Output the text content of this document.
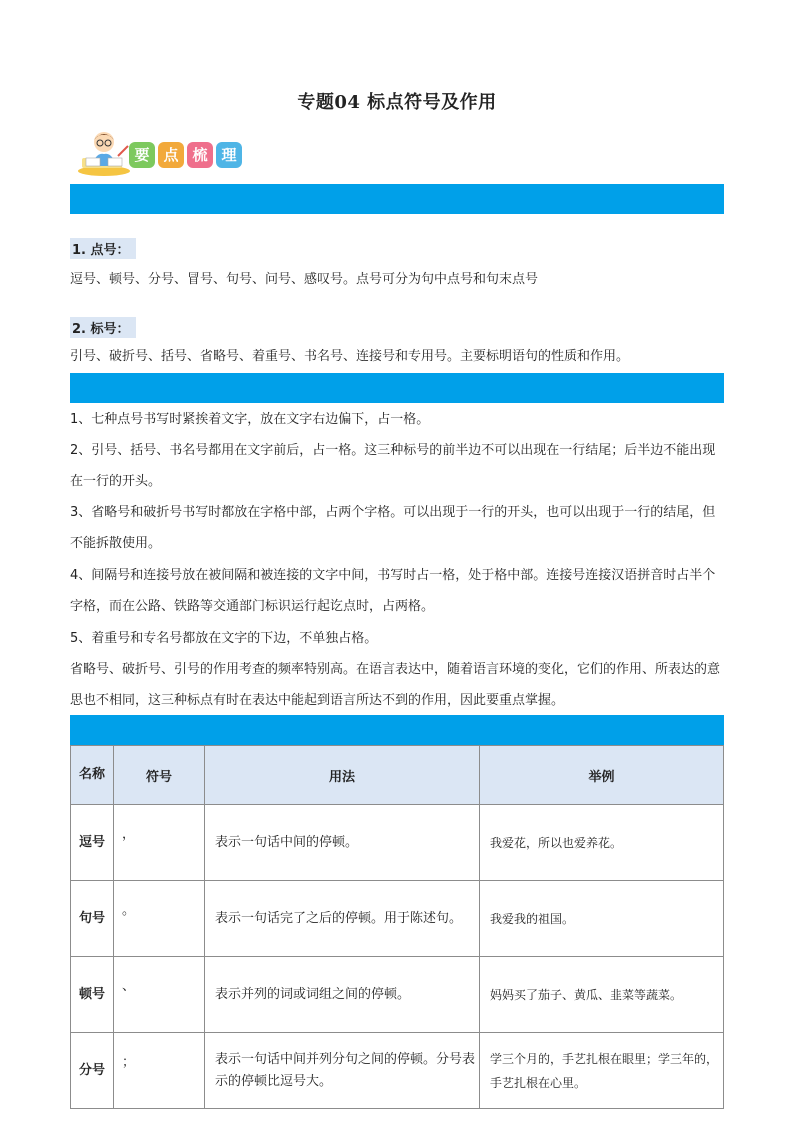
专题04 标点符号及作用
要 点 梳 理
1. 点号：
逗号、顿号、分号、冒号、句号、问号、感叹号。点号可分为句中点号和句末点号
2. 标号：
引号、破折号、括号、省略号、着重号、书名号、连接号和专用号。主要标明语句的性质和作用。
1、七种点号书写时紧挨着文字，放在文字右边偏下，占一格。
2、引号、括号、书名号都用在文字前后，占一格。这三种标号的前半边不可以出现在一行结尾；后半边不能出现在一行的开头。
3、省略号和破折号书写时都放在字格中部，占两个字格。可以出现于一行的开头，也可以出现于一行的结尾，但不能拆散使用。
4、间隔号和连接号放在被间隔和被连接的文字中间，书写时占一格，处于格中部。连接号连接汉语拼音时占半个字格，而在公路、铁路等交通部门标识运行起讫点时，占两格。
5、着重号和专名号都放在文字的下边，不单独占格。
省略号、破折号、引号的作用考查的频率特别高。在语言表达中，随着语言环境的变化，它们的作用、所表达的意思也不相同，这三种标点有时在表达中能起到语言所达不到的作用，因此要重点掌握。
名称	符号	用法	举例
逗号	，	表示一句话中间的停顿。	我爱花，所以也爱养花。
句号	。	表示一句话完了之后的停顿。用于陈述句。	我爱我的祖国。
顿号	、	表示并列的词或词组之间的停顿。	妈妈买了茄子、黄瓜、韭菜等蔬菜。
分号	；	表示一句话中间并列分句之间的停顿。分号表示的停顿比逗号大。	学三个月的，手艺扎根在眼里；学三年的，手艺扎根在心里。
